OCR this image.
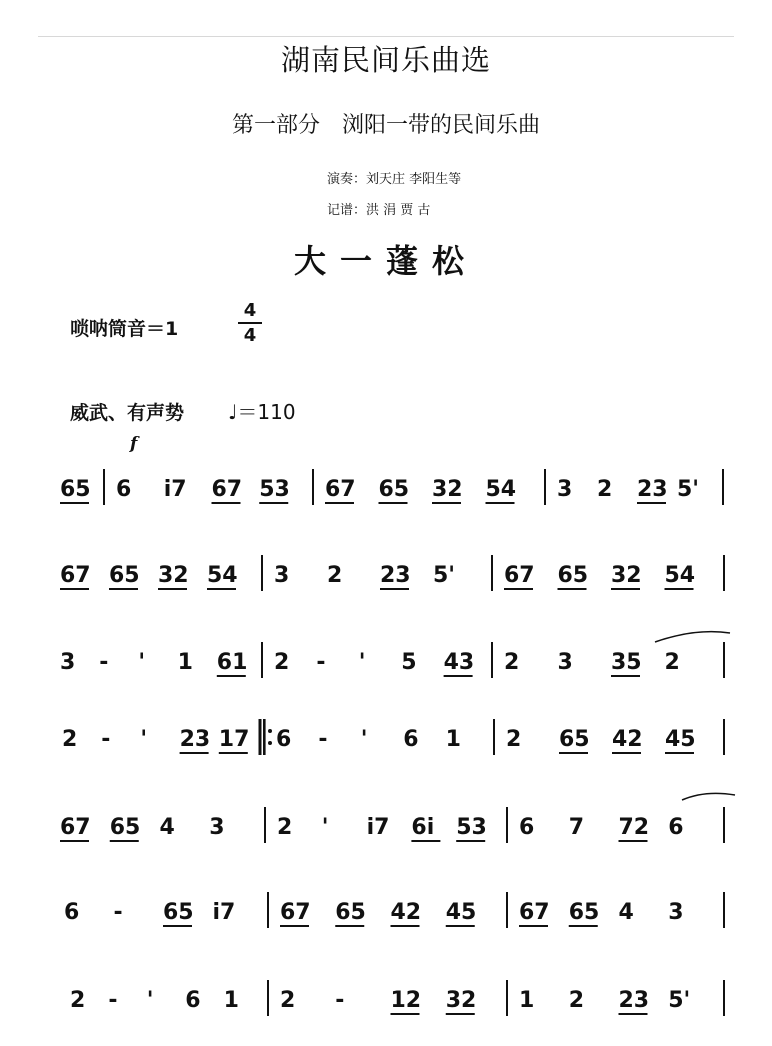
湖南民间乐曲选
第一部分　浏阳一带的民间乐曲
演奏：刘天庄 李阳生等
记谱：洪 涓 贾 古
大一蓬松
唢呐筒音＝1
4
4
威武、有声势 ♩＝110
f
65 6 i7 67 53 67 65 32 54 3 2 23 5'
67 65 32 54 3 2 23 5' 67 65 32 54
3 - ' 1 61 2 - ' 5 43 2 3 35 2
2 - ' 23 17 6 - ' 6 1 2 65 42 45
67 65 4 3 2 ' i7 6i 53 6 7 72 6
6 - 65 i7 67 65 42 45 67 65 4 3
2 - ' 6 1 2 - 12 32 1 2 23 5'
